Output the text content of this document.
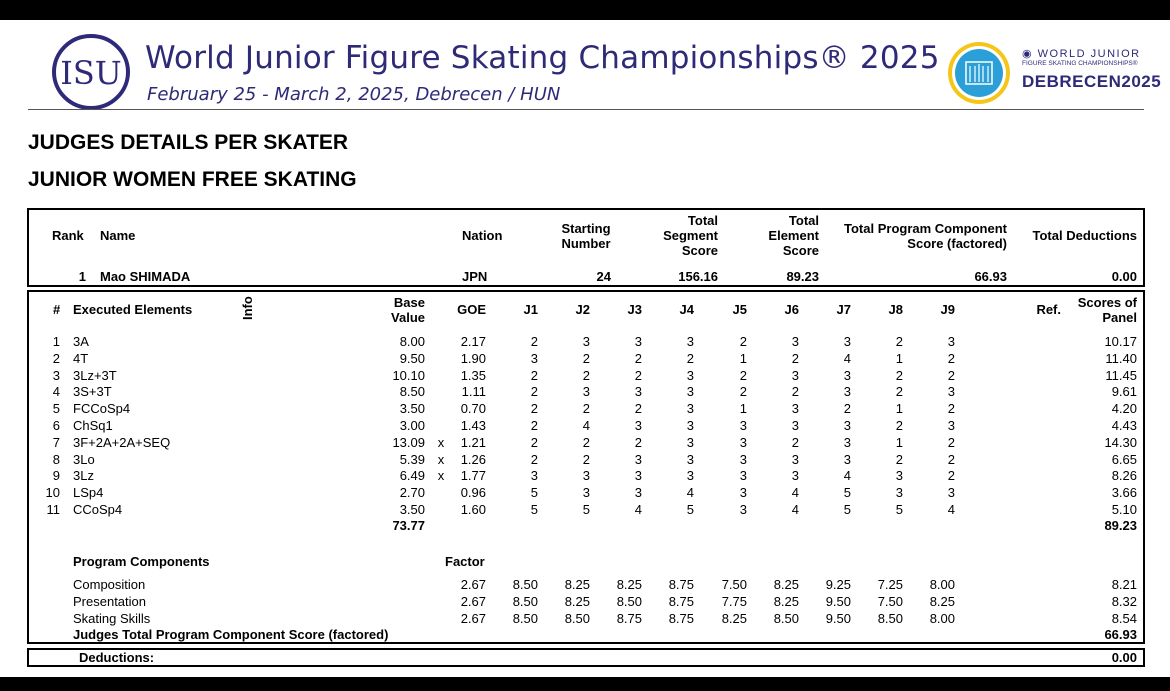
ISU World Junior Figure Skating Championships® 2025
February 25 - March 2, 2025, Debrecen / HUN
◉ WORLD JUNIOR
FIGURE SKATING CHAMPIONSHIPS®
DEBRECEN2025
JUDGES DETAILS PER SKATER
JUNIOR WOMEN FREE SKATING
Rank Name	Nation	Starting
Number
Total
Segment
Score
Total
Element
Score
Total Program Component
Score (factored)
Total Deductions
1 Mao SHIMADA	JPN	24	156.16	89.23	66.93	0.00
# Executed Elements	Info	Base
Value
GOE	J1	J2	J3	J4	J5	J6	J7	J8	J9	Ref.	Scores of
Panel
1 3A	8.00	2.17	2	3	3	3	2	3	3	2	3	10.17
2 4T	9.50	1.90	3	2	2	2	1	2	4	1	2	11.40
3 3Lz+3T	10.10	1.35	2	2	2	3	2	3	3	2	2	11.45
4 3S+3T	8.50	1.11	2	3	3	3	2	2	3	2	3	9.61
5 FCCoSp4	3.50	0.70	2	2	2	3	1	3	2	1	2	4.20
6 ChSq1	3.00	1.43	2	4	3	3	3	3	3	2	3	4.43
7 3F+2A+2A+SEQ	13.09 x	1.21	2	2	2	3	3	2	3	1	2	14.30
8 3Lo	5.39 x	1.26	2	2	3	3	3	3	3	2	2	6.65
9 3Lz	6.49 x	1.77	3	3	3	3	3	3	4	3	2	8.26
10 LSp4	2.70	0.96	5	3	3	4	3	4	5	3	3	3.66
11 CCoSp4	3.50	1.60	5	5	4	5	3	4	5	5	4	5.10
73.77	89.23
Program Components	Factor
Composition	2.67	8.50	8.25	8.25	8.75	7.50	8.25	9.25	7.25	8.00	8.21
Presentation	2.67	8.50	8.25	8.50	8.75	7.75	8.25	9.50	7.50	8.25	8.32
Skating Skills	2.67	8.50	8.50	8.75	8.75	8.25	8.50	9.50	8.50	8.00	8.54
Judges Total Program Component Score (factored)	66.93
Deductions:	0.00
